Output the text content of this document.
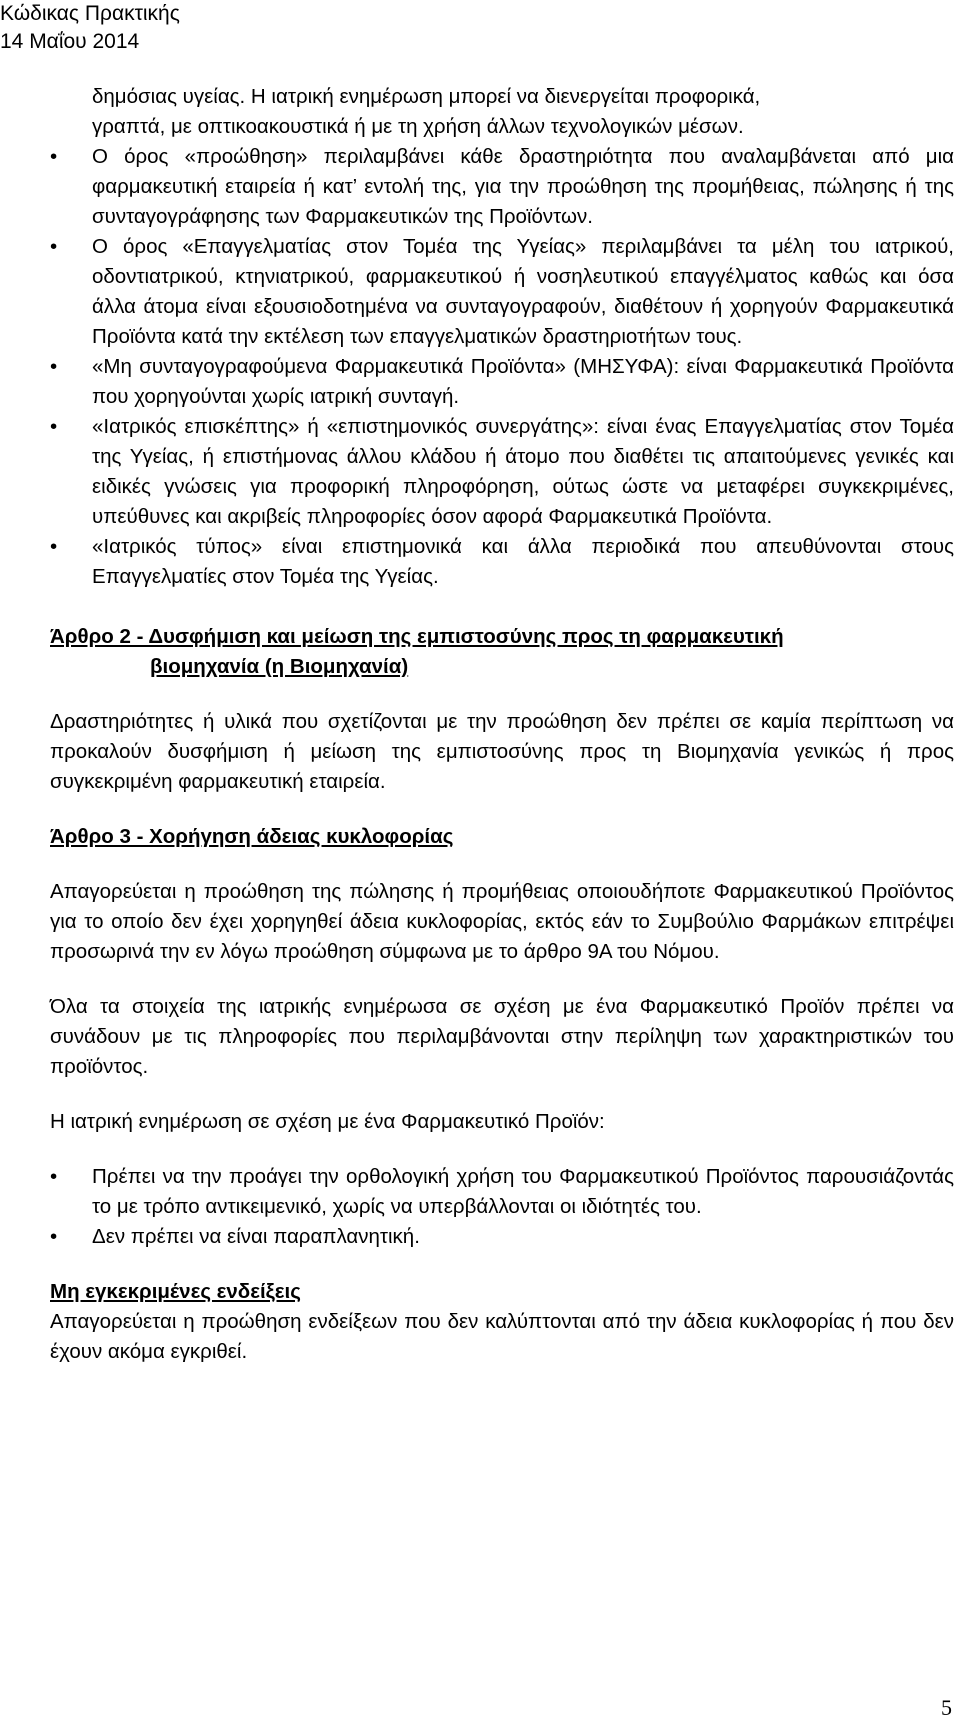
Κώδικας Πρακτικής
14 Μαΐου 2014
δημόσιας υγείας. Η ιατρική ενημέρωση μπορεί να διενεργείται προφορικά,
γραπτά, με οπτικοακουστικά ή με τη χρήση άλλων τεχνολογικών μέσων.
• Ο όρος «προώθηση» περιλαμβάνει κάθε δραστηριότητα που αναλαμβάνεται από μια φαρμακευτική εταιρεία ή κατ’ εντολή της, για την προώθηση της προμήθειας, πώλησης ή της συνταγογράφησης των Φαρμακευτικών της Προϊόντων.
• Ο όρος «Επαγγελματίας στον Τομέα της Υγείας» περιλαμβάνει τα μέλη του ιατρικού, οδοντιατρικού, κτηνιατρικού, φαρμακευτικού ή νοσηλευτικού επαγγέλματος καθώς και όσα άλλα άτομα είναι εξουσιοδοτημένα να συνταγογραφούν, διαθέτουν ή χορηγούν Φαρμακευτικά Προϊόντα κατά την εκτέλεση των επαγγελματικών δραστηριοτήτων τους.
• «Μη συνταγογραφούμενα Φαρμακευτικά Προϊόντα» (ΜΗΣΥΦΑ): είναι Φαρμακευτικά Προϊόντα που χορηγούνται χωρίς ιατρική συνταγή.
• «Ιατρικός επισκέπτης» ή «επιστημονικός συνεργάτης»: είναι ένας Επαγγελματίας στον Τομέα της Υγείας, ή επιστήμονας άλλου κλάδου ή άτομο που διαθέτει τις απαιτούμενες γενικές και ειδικές γνώσεις για προφορική πληροφόρηση, ούτως ώστε να μεταφέρει συγκεκριμένες, υπεύθυνες και ακριβείς πληροφορίες όσον αφορά Φαρμακευτικά Προϊόντα.
• «Ιατρικός τύπος» είναι επιστημονικά και άλλα περιοδικά που απευθύνονται στους Επαγγελματίες στον Τομέα της Υγείας.
Άρθρο 2 - Δυσφήμιση και μείωση της εμπιστοσύνης προς τη φαρμακευτική
βιομηχανία (η Βιομηχανία)

Δραστηριότητες ή υλικά που σχετίζονται με την προώθηση δεν πρέπει σε καμία περίπτωση να προκαλούν δυσφήμιση ή μείωση της εμπιστοσύνης προς τη Βιομηχανία γενικώς ή προς συγκεκριμένη φαρμακευτική εταιρεία.

Άρθρο 3 - Χορήγηση άδειας κυκλοφορίας

Απαγορεύεται η προώθηση της πώλησης ή προμήθειας οποιουδήποτε Φαρμακευτικού Προϊόντος για το οποίο δεν έχει χορηγηθεί άδεια κυκλοφορίας, εκτός εάν το Συμβούλιο Φαρμάκων επιτρέψει προσωρινά την εν λόγω προώθηση σύμφωνα με το άρθρο 9Α του Νόμου.

Όλα τα στοιχεία της ιατρικής ενημέρωσα σε σχέση με ένα Φαρμακευτικό Προϊόν πρέπει να συνάδουν με τις πληροφορίες που περιλαμβάνονται στην περίληψη των χαρακτηριστικών του προϊόντος.

Η ιατρική ενημέρωση σε σχέση με ένα Φαρμακευτικό Προϊόν:

• Πρέπει να την προάγει την ορθολογική χρήση του Φαρμακευτικού Προϊόντος παρουσιάζοντάς το με τρόπο αντικειμενικό, χωρίς να υπερβάλλονται οι ιδιότητές του.
• Δεν πρέπει να είναι παραπλανητική.
Μη εγκεκριμένες ενδείξεις

Απαγορεύεται η προώθηση ενδείξεων που δεν καλύπτονται από την άδεια κυκλοφορίας ή που δεν έχουν ακόμα εγκριθεί.

5
